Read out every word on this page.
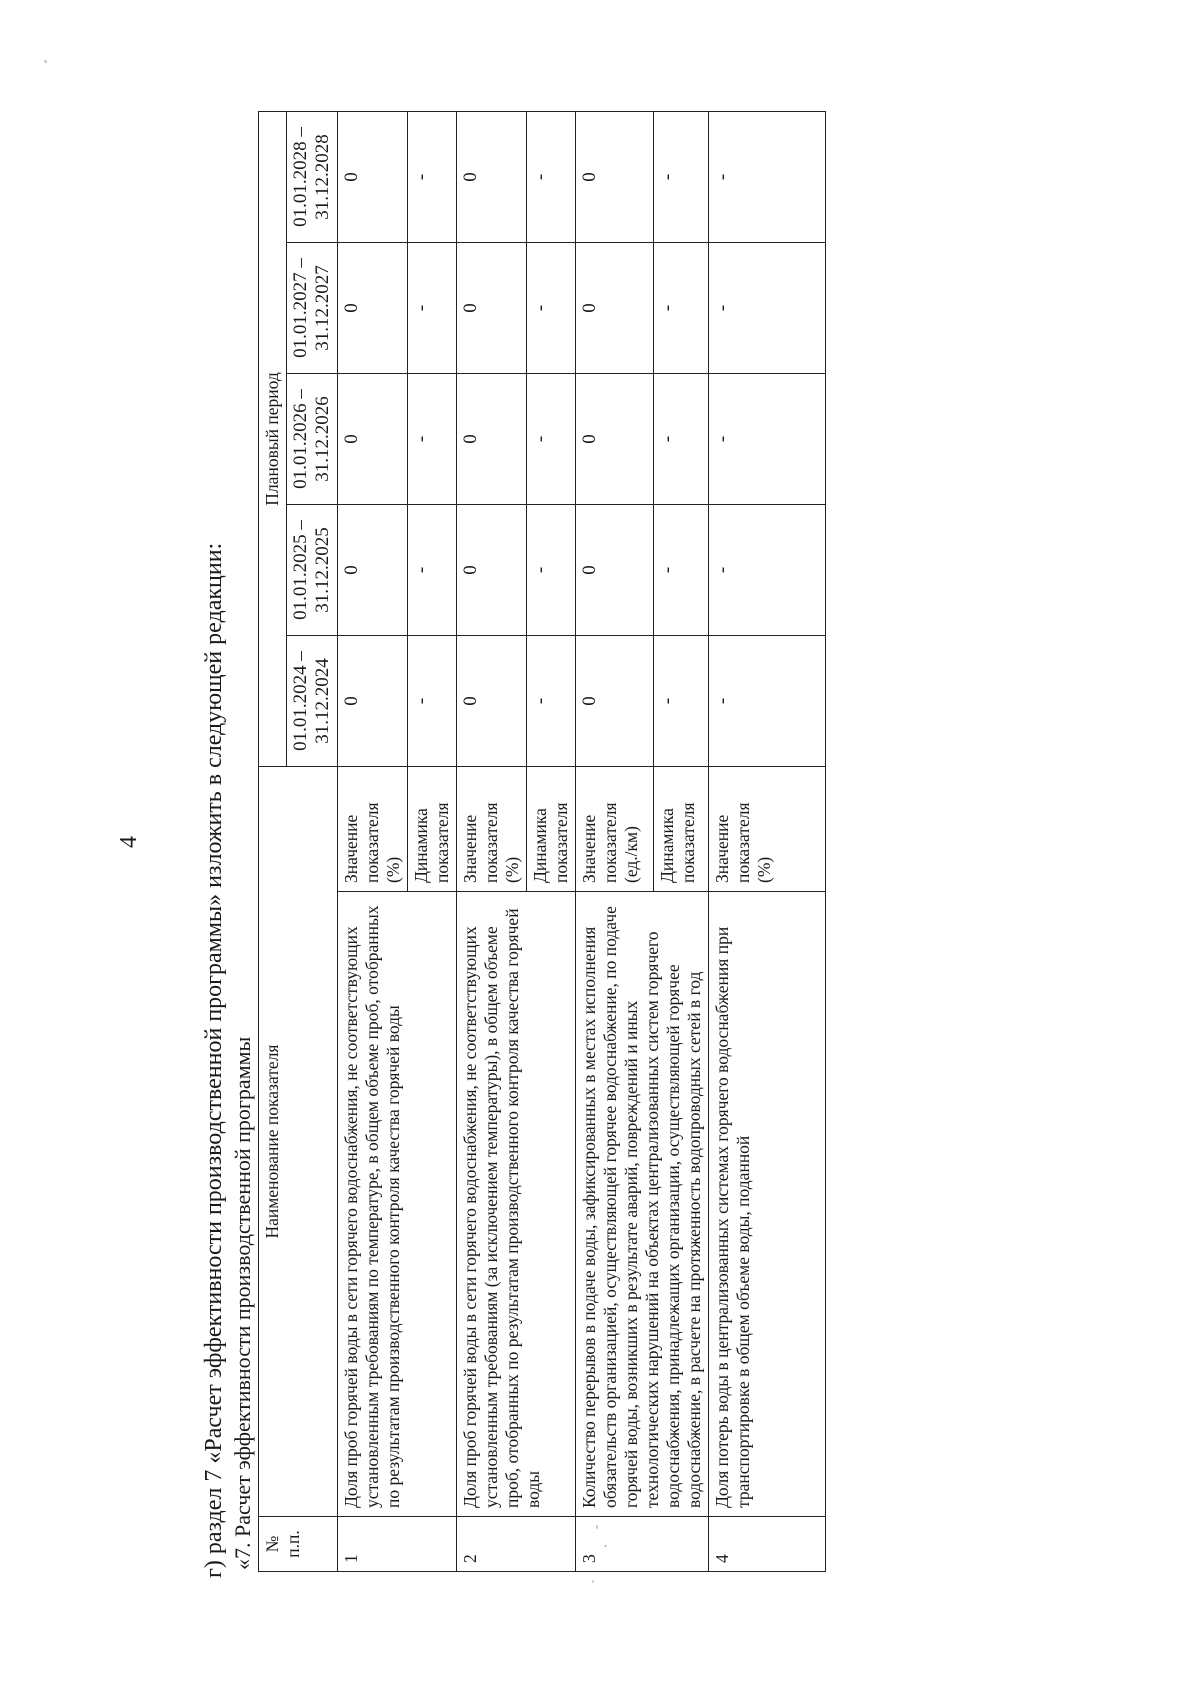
4 г) раздел 7 «Расчет эффективности производственной программы» изложить в следующей редакции: «7. Расчет эффективности производственной программы № п.п.	Наименование показателя		Плановый период				
			01.01.2024 – 31.12.2024	01.01.2025 – 31.12.2025	01.01.2026 – 31.12.2026	01.01.2027 – 31.12.2027	01.01.2028 – 31.12.2028
1	Доля проб горячей воды в сети горячего водоснабжения, не соответствующих установленным требованиям по температуре, в общем объеме проб, отобранных по результатам производственного контроля качества горячей воды	Значение показателя (%)	0	0	0	0	0
		Динамика показателя	-	-	-	-	-
2	Доля проб горячей воды в сети горячего водоснабжения, не соответствующих установленным требованиям (за исключением температуры), в общем объеме проб, отобранных по результатам производственного контроля качества горячей воды	Значение показателя (%)	0	0	0	0	0
		Динамика показателя	-	-	-	-	-
3	Количество перерывов в подаче воды, зафиксированных в местах исполнения обязательств организацией, осуществляющей горячее водоснабжение, по подаче горячей воды, возникших в результате аварий, повреждений и иных технологических нарушений на объектах централизованных систем горячего водоснабжения, принадлежащих организации, осуществляющей горячее водоснабжение, в расчете на протяженность водопроводных сетей в год	Значение показателя (ед./км)	0	0	0	0	0
		Динамика показателя	-	-	-	-	-
4	Доля потерь воды в централизованных системах горячего водоснабжения при транспортировке в общем объеме воды, поданной	Значение показателя (%)	-	-	-	-	-
